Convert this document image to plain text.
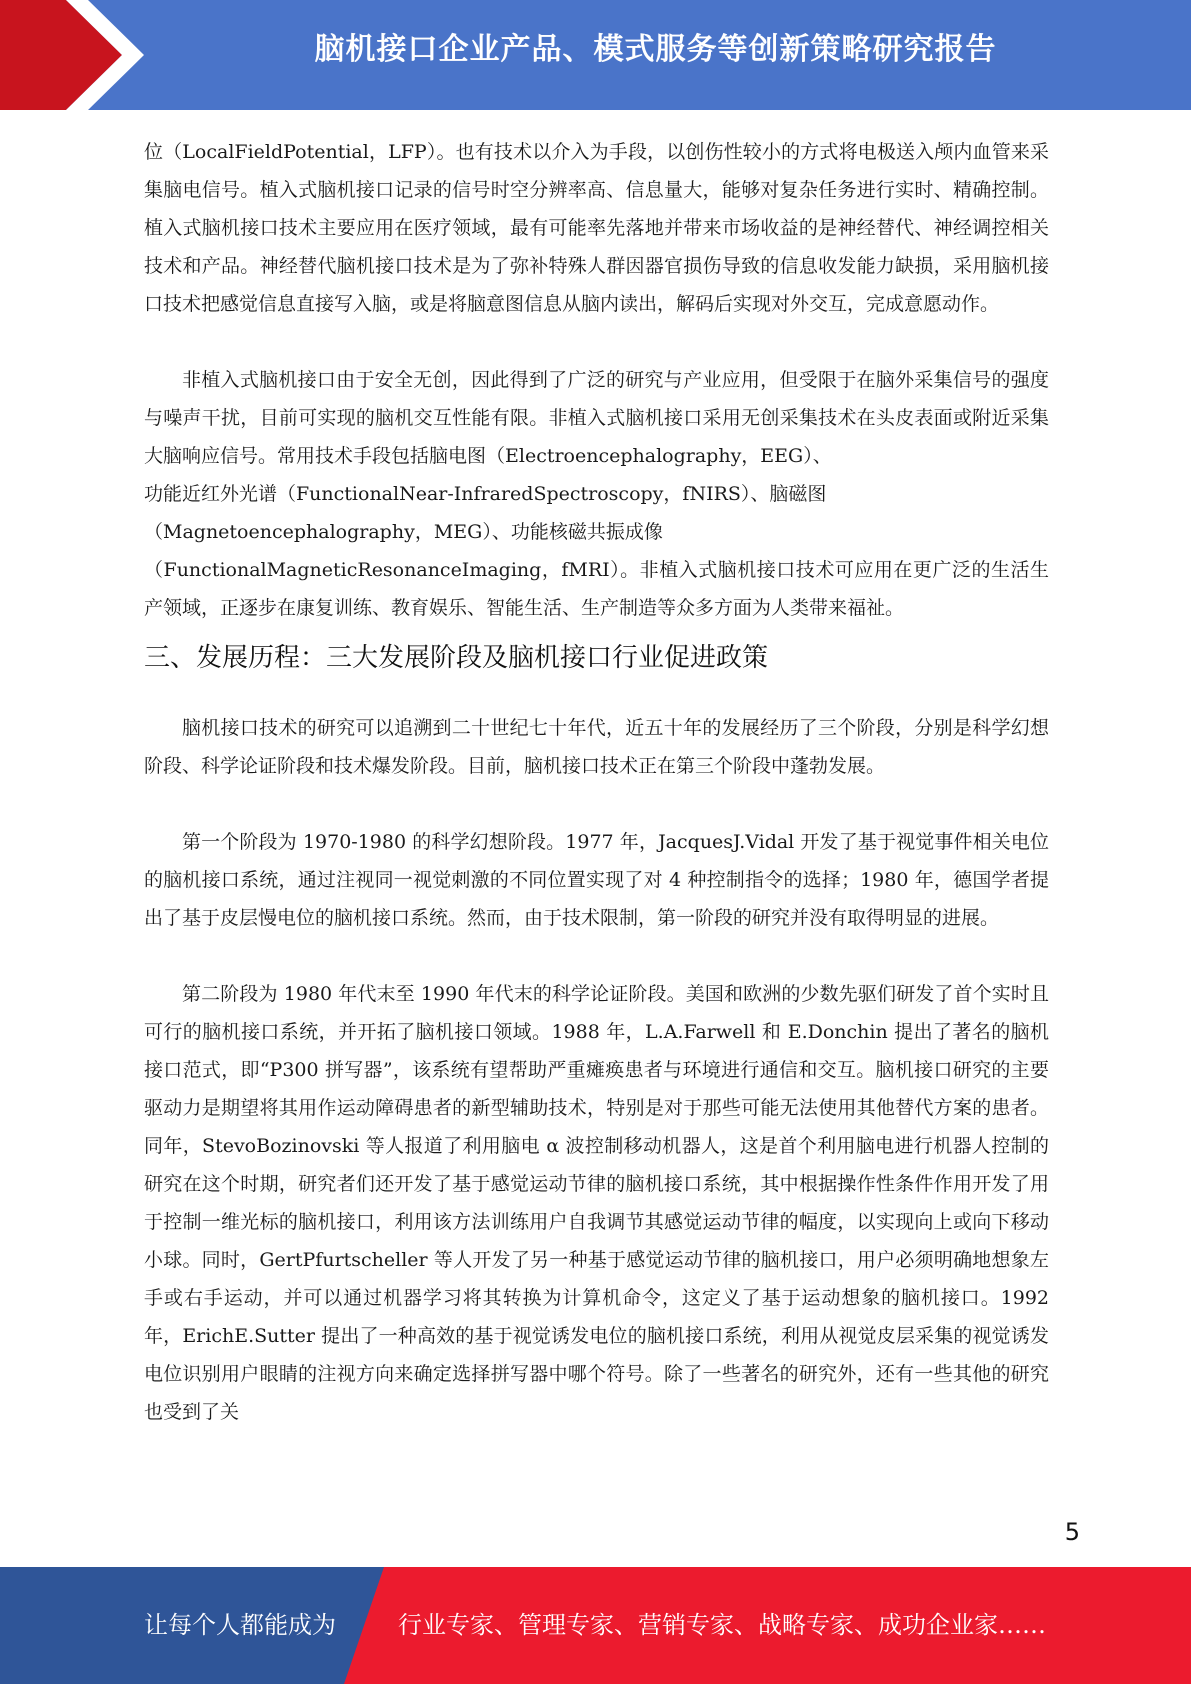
脑机接口企业产品、模式服务等创新策略研究报告

位（LocalFieldPotential，LFP）。也有技术以介入为手段，以创伤性较小的方式将电极送入颅内血管来采集脑电信号。植入式脑机接口记录的信号时空分辨率高、信息量大，能够对复杂任务进行实时、精确控制。植入式脑机接口技术主要应用在医疗领域，最有可能率先落地并带来市场收益的是神经替代、神经调控相关技术和产品。神经替代脑机接口技术是为了弥补特殊人群因器官损伤导致的信息收发能力缺损，采用脑机接口技术把感觉信息直接写入脑，或是将脑意图信息从脑内读出，解码后实现对外交互，完成意愿动作。

非植入式脑机接口由于安全无创，因此得到了广泛的研究与产业应用，但受限于在脑外采集信号的强度与噪声干扰，目前可实现的脑机交互性能有限。非植入式脑机接口采用无创采集技术在头皮表面或附近采集大脑响应信号。常用技术手段包括脑电图（Electroencephalography，EEG）、

功能近红外光谱（FunctionalNear-InfraredSpectroscopy，fNIRS）、脑磁图

（Magnetoencephalography，MEG）、功能核磁共振成像

（FunctionalMagneticResonanceImaging，fMRI）。非植入式脑机接口技术可应用在更广泛的生活生产领域，正逐步在康复训练、教育娱乐、智能生活、生产制造等众多方面为人类带来福祉。

三、发展历程：三大发展阶段及脑机接口行业促进政策

脑机接口技术的研究可以追溯到二十世纪七十年代，近五十年的发展经历了三个阶段，分别是科学幻想阶段、科学论证阶段和技术爆发阶段。目前，脑机接口技术正在第三个阶段中蓬勃发展。

第一个阶段为 1970-1980 的科学幻想阶段。1977 年，JacquesJ.Vidal 开发了基于视觉事件相关电位的脑机接口系统，通过注视同一视觉刺激的不同位置实现了对 4 种控制指令的选择；1980 年，德国学者提出了基于皮层慢电位的脑机接口系统。然而，由于技术限制，第一阶段的研究并没有取得明显的进展。

第二阶段为 1980 年代末至 1990 年代末的科学论证阶段。美国和欧洲的少数先驱们研发了首个实时且可行的脑机接口系统，并开拓了脑机接口领域。1988 年，L.A.Farwell 和 E.Donchin 提出了著名的脑机接口范式，即“P300 拼写器”，该系统有望帮助严重瘫痪患者与环境进行通信和交互。脑机接口研究的主要驱动力是期望将其用作运动障碍患者的新型辅助技术，特别是对于那些可能无法使用其他替代方案的患者。同年，StevoBozinovski 等人报道了利用脑电 α 波控制移动机器人，这是首个利用脑电进行机器人控制的研究在这个时期，研究者们还开发了基于感觉运动节律的脑机接口系统，其中根据操作性条件作用开发了用于控制一维光标的脑机接口，利用该方法训练用户自我调节其感觉运动节律的幅度，以实现向上或向下移动小球。同时，GertPfurtscheller 等人开发了另一种基于感觉运动节律的脑机接口，用户必须明确地想象左手或右手运动，并可以通过机器学习将其转换为计算机命令，这定义了基于运动想象的脑机接口。1992 年，ErichE.Sutter 提出了一种高效的基于视觉诱发电位的脑机接口系统，利用从视觉皮层采集的视觉诱发电位识别用户眼睛的注视方向来确定选择拼写器中哪个符号。除了一些著名的研究外，还有一些其他的研究也受到了关

5
让每个人都能成为	行业专家、管理专家、营销专家、战略专家、成功企业家……
